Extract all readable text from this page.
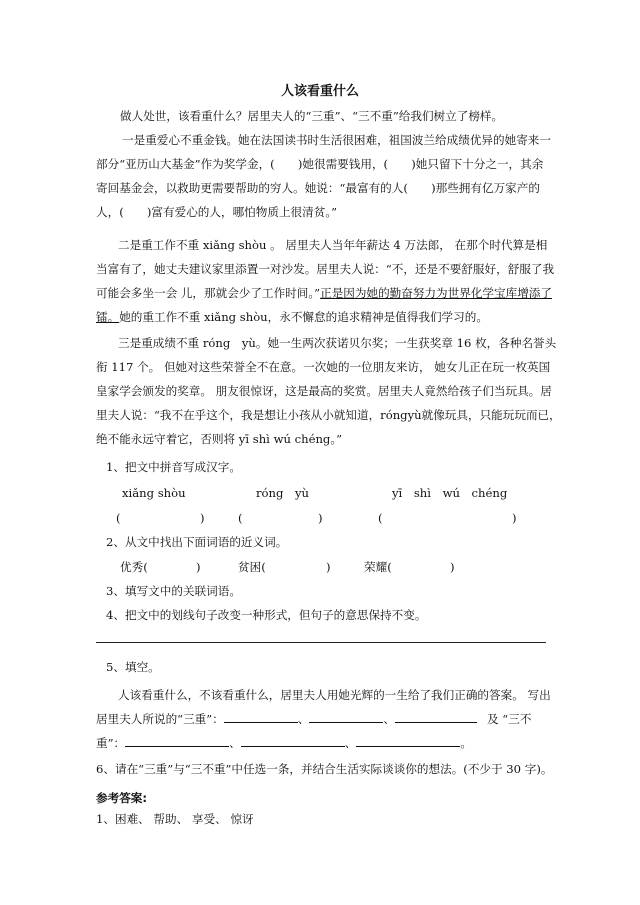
人该看重什么

做人处世，该看重什么？居里夫人的“三重”、“三不重”给我们树立了榜样。

一是重爱心不重金钱。她在法国读书时生活很困难，祖国波兰给成绩优异的她寄来一

部分“亚历山大基金”作为奖学金，(　　)她很需要钱用，(　　)她只留下十分之一，其余

寄回基金会，以救助更需要帮助的穷人。她说：“最富有的人(　　)那些拥有亿万家产的

人，(　　)富有爱心的人，哪怕物质上很清贫。”

二是重工作不重 xiǎng shòu 。 居里夫人当年年薪达 4 万法郎， 在那个时代算是相

当富有了，她丈夫建议家里添置一对沙发。居里夫人说：“不，还是不要舒服好，舒服了我

可能会多坐一会 儿，那就会少了工作时间。”正是因为她的勤奋努力为世界化学宝库增添了

镭。她的重工作不重 xiǎng shòu，永不懈怠的追求精神是值得我们学习的。

三是重成绩不重 róng　yù。她一生两次获诺贝尔奖；一生获奖章 16 枚，各种名誉头

衔 117 个。 但她对这些荣誉全不在意。一次她的一位朋友来访， 她女儿正在玩一枚英国

皇家学会颁发的奖章。 朋友很惊讶，这是最高的奖赏。居里夫人竟然给孩子们当玩具。居

里夫人说：“我不在乎这个，我是想让小孩从小就知道，róngyù就像玩具，只能玩玩而已，

绝不能永远守着它，否则将 yī shì wú chéng。”

1、把文中拼音写成汉字。

xiǎng shòu	róng　yù	yī　shì　wú　chéng
(	)	(	)	(	)

2、从文中找出下面词语的近义词。

优秀(	)	贫困(	)	荣耀(	)

3、填写文中的关联词语。

4、把文中的划线句子改变一种形式，但句子的意思保持不变。

5、填空。

人该看重什么，不该看重什么，居里夫人用她光辉的一生给了我们正确的答案。 写出

居里夫人所说的“三重”：	、	、	及 “三不

重”：	、	、	。

6、请在“三重”与“三不重”中任选一条，并结合生活实际谈谈你的想法。(不少于 30 字)。

参考答案:

1、困难、 帮助、 享受、 惊讶
